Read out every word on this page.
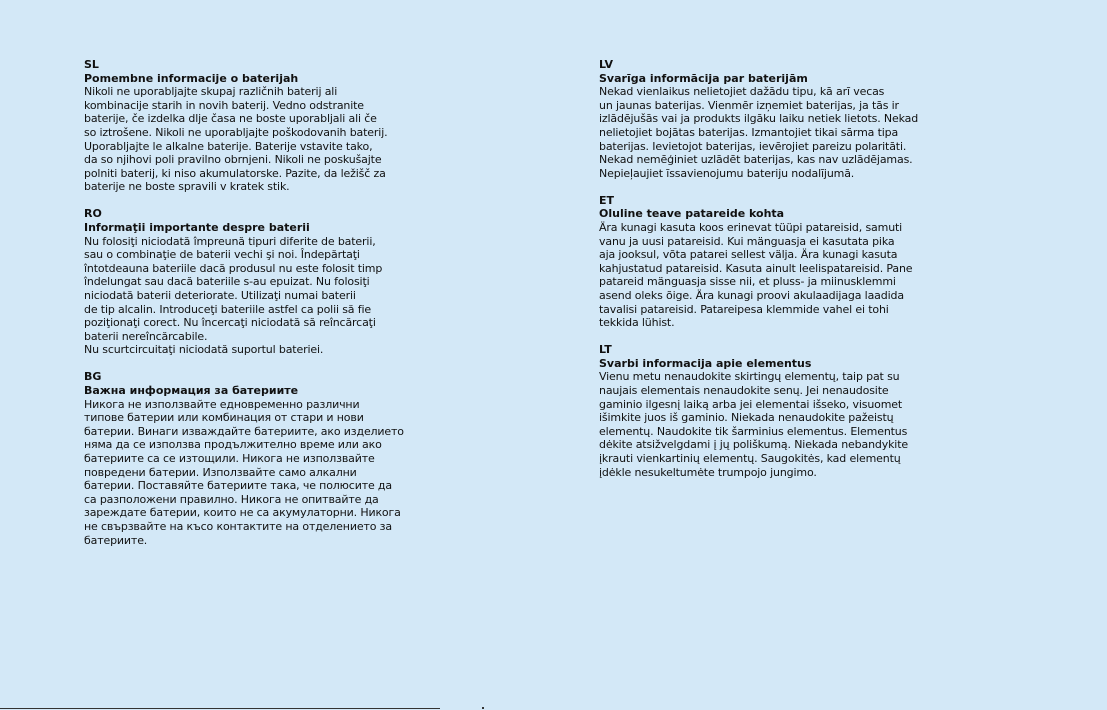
SL
Pomembne informacije o baterijah
Nikoli ne uporabljajte skupaj različnih baterij ali
kombinacije starih in novih baterij. Vedno odstranite
baterije, če izdelka dlje časa ne boste uporabljali ali če
so iztrošene. Nikoli ne uporabljajte poškodovanih baterij.
Uporabljajte le alkalne baterije. Baterije vstavite tako,
da so njihovi poli pravilno obrnjeni. Nikoli ne poskušajte
polniti baterij, ki niso akumulatorske. Pazite, da ležišč za
baterije ne boste spravili v kratek stik.
RO
Informaţii importante despre baterii
Nu folosiţi niciodată împreună tipuri diferite de baterii,
sau o combinaţie de baterii vechi şi noi. Îndepărtaţi
întotdeauna bateriile dacă produsul nu este folosit timp
îndelungat sau dacă bateriile s-au epuizat. Nu folosiţi
niciodată baterii deteriorate. Utilizaţi numai baterii
de tip alcalin. Introduceţi bateriile astfel ca polii să fie
poziţionaţi corect. Nu încercaţi niciodată să reîncărcaţi
baterii nereîncărcabile.
Nu scurtcircuitaţi niciodată suportul bateriei.
BG
Важна информация за батериите
Никога не използвайте едновременно различни
типове батерии или комбинация от стари и нови
батерии. Винаги изваждайте батериите, ако изделието
няма да се използва продължително време или ако
батериите са се изтощили. Никога не използвайте
повредени батерии. Използвайте само алкални
батерии. Поставяйте батериите така, че полюсите да
са разположени правилно. Никога не опитвайте да
зареждате батерии, които не са акумулаторни. Никога
не свързвайте на късо контактите на отделението за
батериите.
LV
Svarīga informācija par baterijām
Nekad vienlaikus nelietojiet dažādu tipu, kā arī vecas
un jaunas baterijas. Vienmēr izņemiet baterijas, ja tās ir
izlādējušās vai ja produkts ilgāku laiku netiek lietots. Nekad
nelietojiet bojātas baterijas. Izmantojiet tikai sārma tipa
baterijas. Ievietojot baterijas, ievērojiet pareizu polaritāti.
Nekad nemēģiniet uzlādēt baterijas, kas nav uzlādējamas.
Nepieļaujiet īssavienojumu bateriju nodalījumā.
ET
Oluline teave patareide kohta
Ära kunagi kasuta koos erinevat tüüpi patareisid, samuti
vanu ja uusi patareisid. Kui mänguasja ei kasutata pika
aja jooksul, võta patarei sellest välja. Ära kunagi kasuta
kahjustatud patareisid. Kasuta ainult leelispatareisid. Pane
patareid mänguasja sisse nii, et pluss- ja miinusklemmi
asend oleks õige. Ära kunagi proovi akulaadijaga laadida
tavalisi patareisid. Patareipesa klemmide vahel ei tohi
tekkida lühist.
LT
Svarbi informacija apie elementus
Vienu metu nenaudokite skirtingų elementų, taip pat su
naujais elementais nenaudokite senų. Jei nenaudosite
gaminio ilgesnį laiką arba jei elementai išseko, visuomet
išimkite juos iš gaminio. Niekada nenaudokite pažeistų
elementų. Naudokite tik šarminius elementus. Elementus
dėkite atsižvelgdami į jų poliškumą. Niekada nebandykite
įkrauti vienkartinių elementų. Saugokitės, kad elementų
įdėkle nesukeltumėte trumpojo jungimo.
